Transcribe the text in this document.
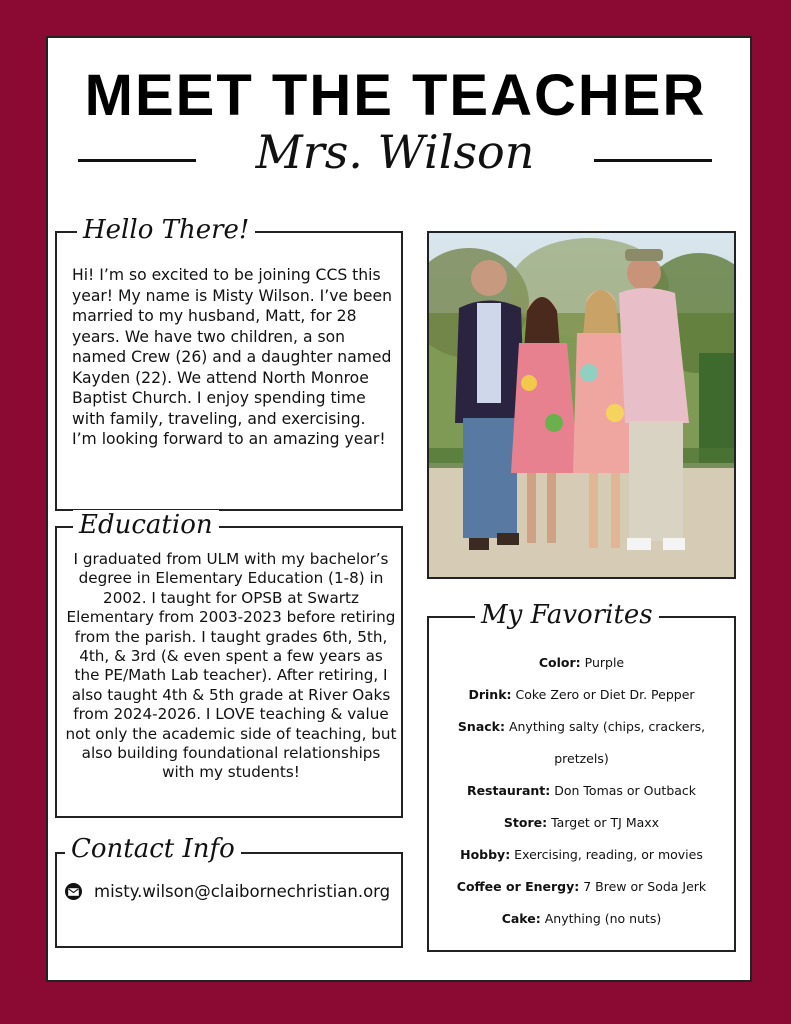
MEET THE TEACHER
Mrs. Wilson
Hello There!

Hi! I’m so excited to be joining CCS this year! My name is Misty Wilson. I’ve been married to my husband, Matt, for 28 years. We have two children, a son named Crew (26) and a daughter named Kayden (22). We attend North Monroe Baptist Church. I enjoy spending time with family, traveling, and exercising. I’m looking forward to an amazing year!

Education

I graduated from ULM with my bachelor’s degree in Elementary Education (1-8) in 2002. I taught for OPSB at Swartz Elementary from 2003-2023 before retiring from the parish. I taught grades 6th, 5th, 4th, & 3rd (& even spent a few years as the PE/Math Lab teacher). After retiring, I also taught 4th & 5th grade at River Oaks from 2024-2026. I LOVE teaching & value not only the academic side of teaching, but also building foundational relationships with my students!

Contact Info
misty.wilson@claibornechristian.org
My Favorites
Color: Purple
Drink: Coke Zero or Diet Dr. Pepper
Snack: Anything salty (chips, crackers,
pretzels)
Restaurant: Don Tomas or Outback
Store: Target or TJ Maxx
Hobby: Exercising, reading, or movies
Coffee or Energy: 7 Brew or Soda Jerk
Cake: Anything (no nuts)
